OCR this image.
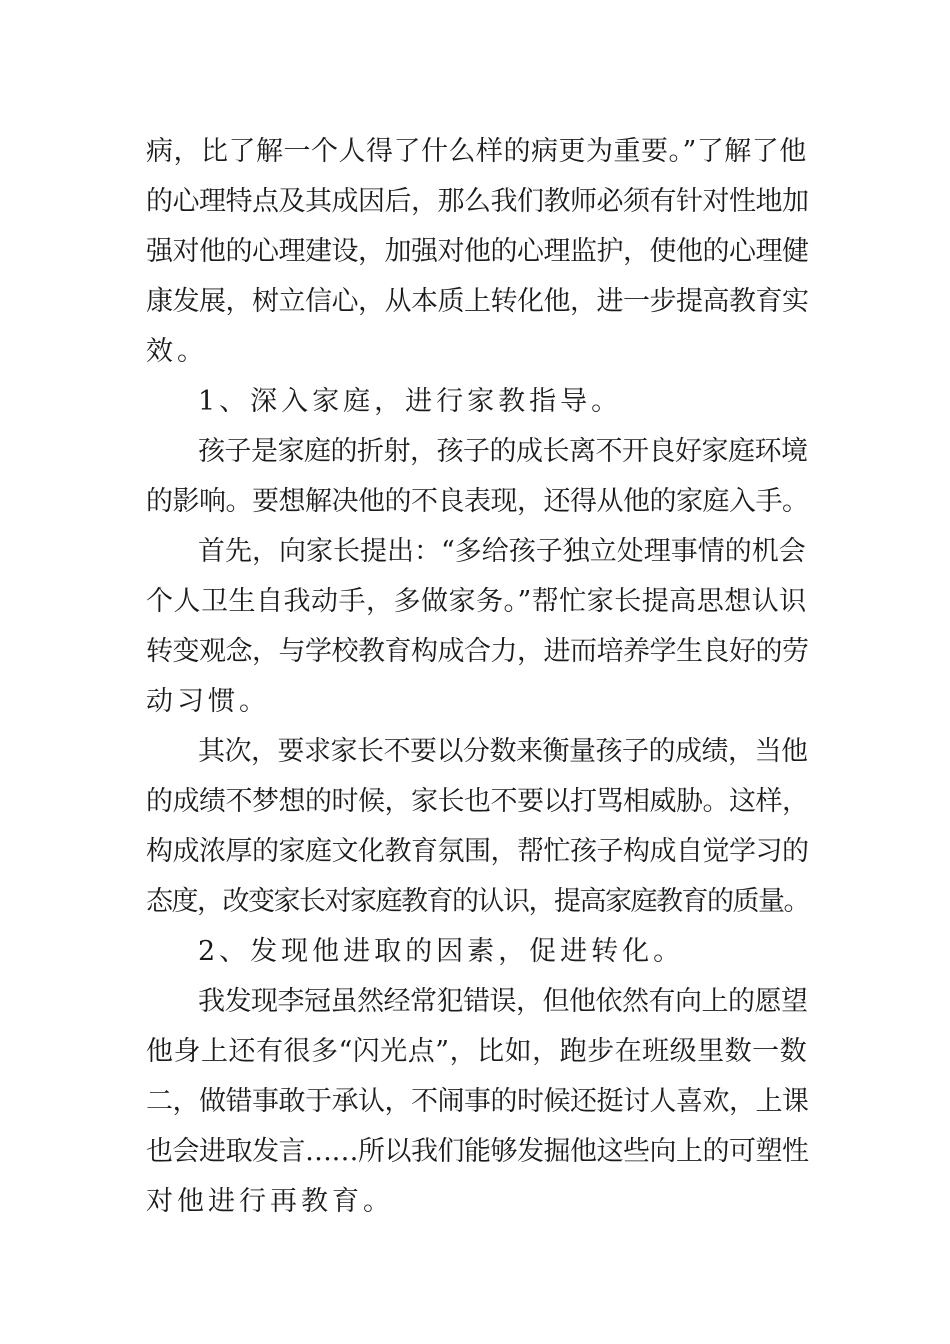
病，比了解一个人得了什么样的病更为重要。”了解了他
的心理特点及其成因后，那么我们教师必须有针对性地加
强对他的心理建设，加强对他的心理监护，使他的心理健
康发展，树立信心，从本质上转化他，进一步提高教育实
效。
1、深入家庭，进行家教指导。
孩子是家庭的折射，孩子的成长离不开良好家庭环境
的影响。要想解决他的不良表现，还得从他的家庭入手。
首先，向家长提出：“多给孩子独立处理事情的机会
个人卫生自我动手，多做家务。”帮忙家长提高思想认识
转变观念，与学校教育构成合力，进而培养学生良好的劳
动习惯。
其次，要求家长不要以分数来衡量孩子的成绩，当他
的成绩不梦想的时候，家长也不要以打骂相威胁。这样，
构成浓厚的家庭文化教育氛围，帮忙孩子构成自觉学习的
态度，改变家长对家庭教育的认识，提高家庭教育的质量。
2、发现他进取的因素，促进转化。
我发现李冠虽然经常犯错误，但他依然有向上的愿望
他身上还有很多“闪光点”，比如，跑步在班级里数一数
二，做错事敢于承认，不闹事的时候还挺讨人喜欢，上课
也会进取发言……所以我们能够发掘他这些向上的可塑性
对他进行再教育。
